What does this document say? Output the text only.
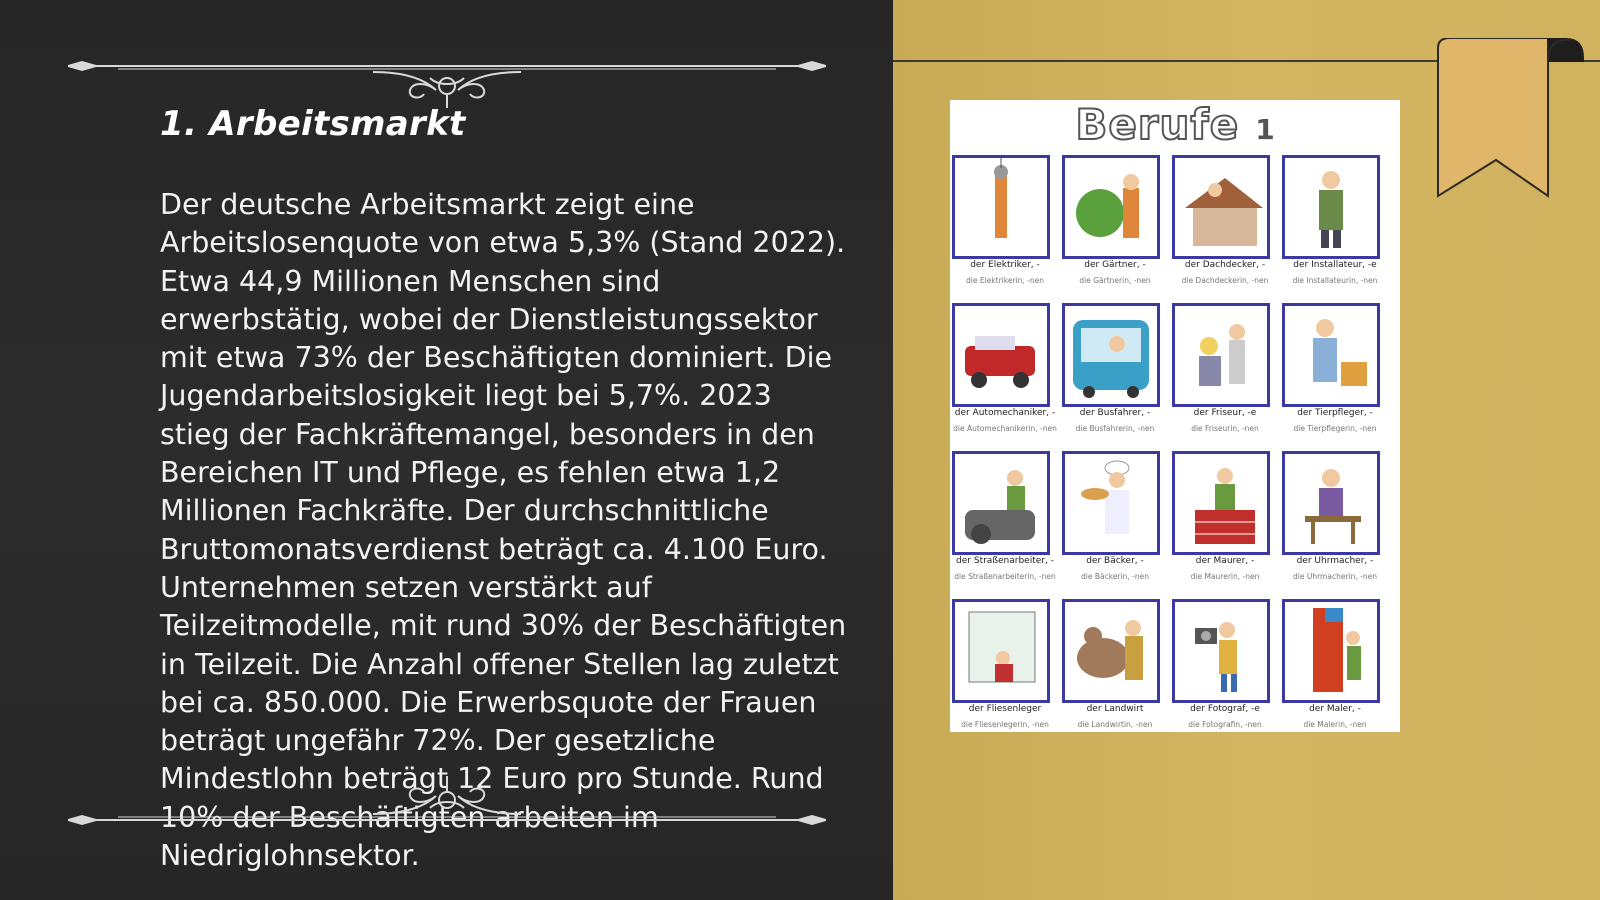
1. Arbeitsmarkt

Der deutsche Arbeitsmarkt zeigt eine Arbeitslosenquote von etwa 5,3% (Stand 2022). Etwa 44,9 Millionen Menschen sind erwerbstätig, wobei der Dienstleistungssektor mit etwa 73% der Beschäftigten dominiert. Die Jugendarbeitslosigkeit liegt bei 5,7%. 2023 stieg der Fachkräftemangel, besonders in den Bereichen IT und Pflege, es fehlen etwa 1,2 Millionen Fachkräfte. Der durchschnittliche Bruttomonatsverdienst beträgt ca. 4.100 Euro. Unternehmen setzen verstärkt auf Teilzeitmodelle, mit rund 30% der Beschäftigten in Teilzeit. Die Anzahl offener Stellen lag zuletzt bei ca. 850.000. Die Erwerbsquote der Frauen beträgt ungefähr 72%. Der gesetzliche Mindestlohn beträgt 12 Euro pro Stunde. Rund 10% der Beschäftigten arbeiten im Niedriglohnsektor.

Berufe 1
der Elektriker, -
die Elektrikerin, -nen
der Gärtner, -
die Gärtnerin, -nen
der Dachdecker, -
die Dachdeckerin, -nen
der Installateur, -e
die Installateurin, -nen
der Automechaniker, -
die Automechanikerin, -nen
der Busfahrer, -
die Busfahrerin, -nen
der Friseur, -e
die Friseurin, -nen
der Tierpfleger, -
die Tierpflegerin, -nen
der Straßenarbeiter, -
die Straßenarbeiterin, -nen
der Bäcker, -
die Bäckerin, -nen
der Maurer, -
die Maurerin, -nen
der Uhrmacher, -
die Uhrmacherin, -nen
der Fliesenleger
die Fliesenlegerin, -nen
der Landwirt
die Landwirtin, -nen
der Fotograf, -e
die Fotografin, -nen
der Maler, -
die Malerin, -nen
